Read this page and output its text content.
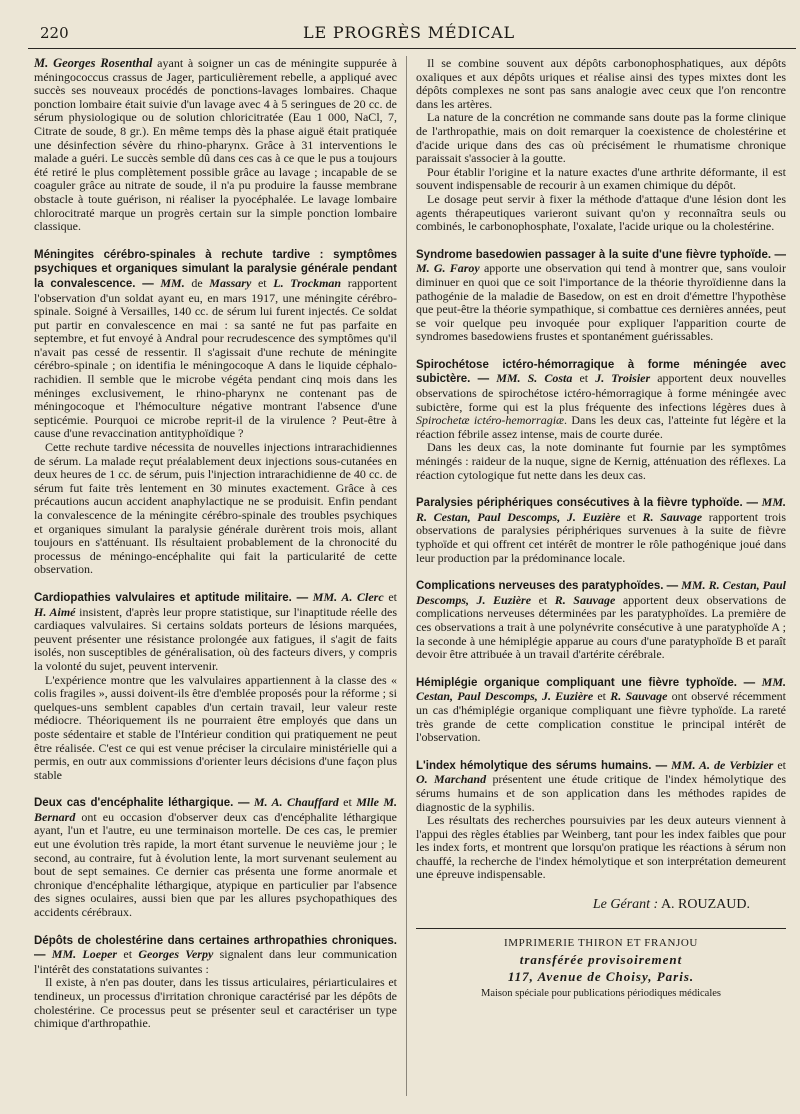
220	LE PROGRÈS MÉDICAL

M. Georges Rosenthal ayant à soigner un cas de méningite suppurée à méningococcus crassus de Jager, particulièrement rebelle, a appliqué avec succès ses nouveaux procédés de ponctions-lavages lombaires. Chaque ponction lombaire était suivie d'un lavage avec 4 à 5 seringues de 20 cc. de sérum physiologique ou de solution chloricitratée (Eau 1 000, NaCl, 7, Citrate de soude, 8 gr.). En même temps dès la phase aiguë était pratiquée une désinfection sévère du rhino-pharynx. Grâce à 31 interventions le malade a guéri. Le succès semble dû dans ces cas à ce que le pus a toujours été retiré le plus complètement possible grâce au lavage ; incapable de se coaguler grâce au nitrate de soude, il n'a pu produire la fausse membrane obstacle à toute guérison, ni réaliser la pyocéphalée. Le lavage lombaire chlorocitraté marque un progrès certain sur la simple ponction lombaire classique.

Méningites cérébro-spinales à rechute tardive : symptômes psychiques et organiques simulant la paralysie générale pendant la convalescence. — MM. de Massary et L. Trockman rapportent l'observation d'un soldat ayant eu, en mars 1917, une méningite cérébro-spinale. Soigné à Versailles, 140 cc. de sérum lui furent injectés. Ce soldat put partir en convalescence en mai : sa santé ne fut pas parfaite en septembre, et fut envoyé à Andral pour recrudescence des symptômes qu'il n'avait pas cessé de ressentir. Il s'agissait d'une rechute de méningite cérébro-spinale ; on identifia le méningocoque A dans le liquide céphalo-rachidien. Il semble que le microbe végéta pendant cinq mois dans les méninges exclusivement, le rhino-pharynx ne contenant pas de méningocoque et l'hémoculture négative montrant l'absence d'une septicémie. Pourquoi ce microbe reprit-il de la virulence ? Peut-être à cause d'une revaccination antityphoïdique ?

Cette rechute tardive nécessita de nouvelles injections intrarachidiennes de sérum. La malade reçut préalablement deux injections sous-cutanées en deux heures de 1 cc. de sérum, puis l'injection intrarachidienne de 40 cc. de sérum fut faite très lentement en 30 minutes exactement. Grâce à ces précautions aucun accident anaphylactique ne se produisit. Enfin pendant la convalescence de la méningite cérébro-spinale des troubles psychiques et organiques simulant la paralysie générale durèrent trois mois, allant toujours en s'atténuant. Ils résultaient probablement de la chronocité du processus de méningo-encéphalite qui fait la particularité de cette observation.

Cardiopathies valvulaires et aptitude militaire. — MM. A. Clerc et H. Aimé insistent, d'après leur propre statistique, sur l'inaptitude réelle des cardiaques valvulaires. Si certains soldats porteurs de lésions marquées, peuvent présenter une résistance prolongée aux fatigues, il s'agit de faits isolés, non susceptibles de généralisation, où des facteurs divers, y compris la volonté du sujet, peuvent intervenir.

L'expérience montre que les valvulaires appartiennent à la classe des « colis fragiles », aussi doivent-ils être d'emblée proposés pour la réforme ; si quelques-uns semblent capables d'un certain travail, leur valeur reste médiocre. Théoriquement ils ne pourraient être employés que dans un poste sédentaire et stable de l'Intérieur condition qui pratiquement ne peut être réalisée. C'est ce qui est venue préciser la circulaire ministérielle qui a permis, en outr aux commissions d'orienter leurs décisions d'une façon plus stable

Deux cas d'encéphalite léthargique. — M. A. Chauffard et Mlle M. Bernard ont eu occasion d'observer deux cas d'encéphalite léthargique ayant, l'un et l'autre, eu une terminaison mortelle. De ces cas, le premier eut une évolution très rapide, la mort étant survenue le neuvième jour ; le second, au contraire, fut à évolution lente, la mort survenant seulement au bout de sept semaines. Ce dernier cas présenta une forme anormale et chronique d'encéphalite léthargique, atypique en particulier par l'absence des signes oculaires, aussi bien que par les allures psychopathiques des accidents cérébraux.

Dépôts de cholestérine dans certaines arthropathies chroniques. — MM. Loeper et Georges Verpy signalent dans leur communication l'intérêt des constatations suivantes :

Il existe, à n'en pas douter, dans les tissus articulaires, périarticulaires et tendineux, un processus d'irritation chronique caractérisé par les dépôts de cholestérine. Ce processus peut se présenter seul et caractériser un type chimique d'arthropathie.

Il se combine souvent aux dépôts carbonophosphatiques, aux dépôts oxaliques et aux dépôts uriques et réalise ainsi des types mixtes dont les dépôts complexes ne sont pas sans analogie avec ceux que l'on rencontre dans les artères.

La nature de la concrétion ne commande sans doute pas la forme clinique de l'arthropathie, mais on doit remarquer la coexistence de cholestérine et d'acide urique dans des cas où précisément le rhumatisme chronique paraissait s'associer à la goutte.

Pour établir l'origine et la nature exactes d'une arthrite déformante, il est souvent indispensable de recourir à un examen chimique du dépôt.

Le dosage peut servir à fixer la méthode d'attaque d'une lésion dont les agents thérapeutiques varieront suivant qu'on y reconnaîtra seuls ou combinés, le carbonophosphate, l'oxalate, l'acide urique ou la cholestérine.

Syndrome basedowien passager à la suite d'une fièvre typhoïde. — M. G. Faroy apporte une observation qui tend à montrer que, sans vouloir diminuer en quoi que ce soit l'importance de la théorie thyroïdienne dans la pathogénie de la maladie de Basedow, on est en droit d'émettre l'hypothèse que peut-être la théorie sympathique, si combattue ces dernières années, peut se voir quelque peu invoquée pour expliquer l'apparition courte de syndromes basedowiens frustes et spontanément guérissables.

Spirochétose ictéro-hémorragique à forme méningée avec subictère. — MM. S. Costa et J. Troisier apportent deux nouvelles observations de spirochétose ictéro-hémorragique à forme méningée avec subictère, forme qui est la plus fréquente des infections légères dues à Spirochetæ ictéro-hemorragiæ. Dans les deux cas, l'atteinte fut légère et la réaction fébrile assez intense, mais de courte durée.

Dans les deux cas, la note dominante fut fournie par les symptômes méningés : raideur de la nuque, signe de Kernig, atténuation des réflexes. La réaction cytologique fut nette dans les deux cas.

Paralysies périphériques consécutives à la fièvre typhoïde. — MM. R. Cestan, Paul Descomps, J. Euzière et R. Sauvage rapportent trois observations de paralysies périphériques survenues à la suite de fièvre typhoïde et qui offrent cet intérêt de montrer le rôle pathogénique joué dans leur production par la prédominance locale.

Complications nerveuses des paratyphoïdes. — MM. R. Cestan, Paul Descomps, J. Euzière et R. Sauvage apportent deux observations de complications nerveuses déterminées par les paratyphoïdes. La première de ces observations a trait à une polynévrite consécutive à une paratyphoïde A ; la seconde à une hémiplégie apparue au cours d'une paratyphoïde B et paraît devoir être attribuée à un travail d'artérite cérébrale.

Hémiplégie organique compliquant une fièvre typhoïde. — MM. Cestan, Paul Descomps, J. Euzière et R. Sauvage ont observé récemment un cas d'hémiplégie organique compliquant une fièvre typhoïde. La rareté très grande de cette complication constitue le principal intérêt de l'observation.

L'index hémolytique des sérums humains. — MM. A. de Verbizier et O. Marchand présentent une étude critique de l'index hémolytique des sérums humains et de son application dans les méthodes rapides de diagnostic de la syphilis.

Les résultats des recherches poursuivies par les deux auteurs viennent à l'appui des règles établies par Weinberg, tant pour les index faibles que pour les index forts, et montrent que lorsqu'on pratique les réactions à sérum non chauffé, la recherche de l'index hémolytique et son interprétation demeurent une épreuve indispensable.

Le Gérant : A. ROUZAUD.
IMPRIMERIE THIRON ET FRANJOU
transférée provisoirement
117, Avenue de Choisy, Paris.
Maison spéciale pour publications périodiques médicales
